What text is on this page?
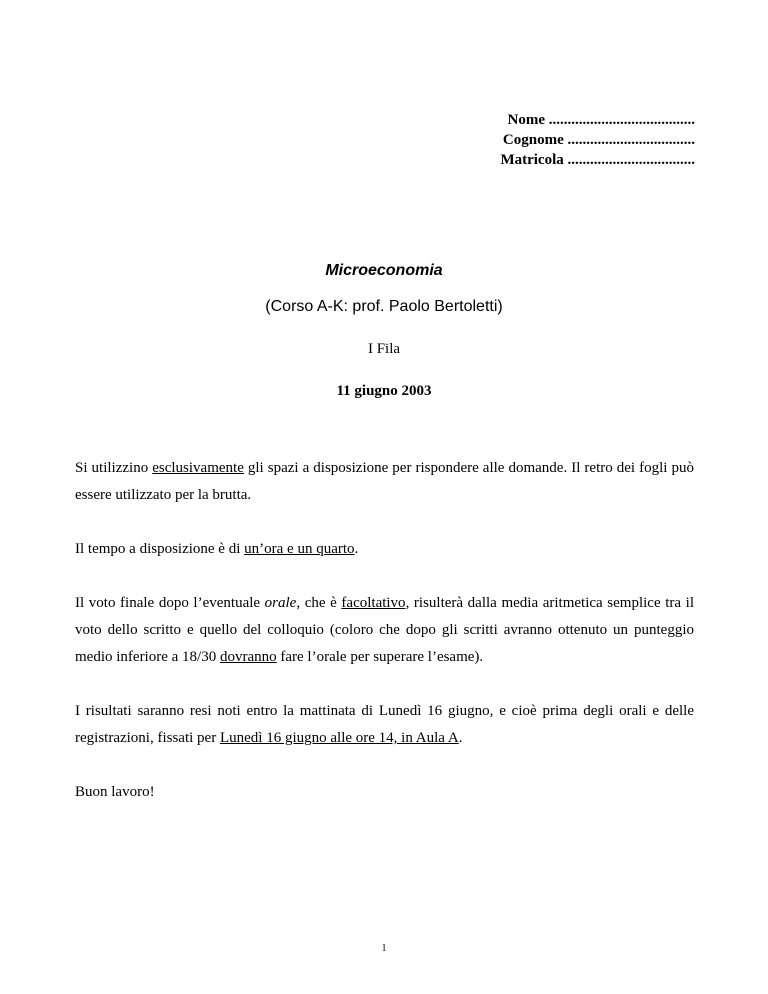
Nome .......................................
Cognome ..................................
Matricola ..................................
Microeconomia
(Corso A-K: prof. Paolo Bertoletti)
I Fila
11 giugno 2003

Si utilizzino esclusivamente gli spazi a disposizione per rispondere alle domande. Il retro dei fogli può essere utilizzato per la brutta.

Il tempo a disposizione è di un’ora e un quarto.

Il voto finale dopo l’eventuale orale, che è facoltativo, risulterà dalla media aritmetica semplice tra il voto dello scritto e quello del colloquio (coloro che dopo gli scritti avranno ottenuto un punteggio medio inferiore a 18/30 dovranno fare l’orale per superare l’esame).

I risultati saranno resi noti entro la mattinata di Lunedì 16 giugno, e cioè prima degli orali e delle registrazioni, fissati per Lunedì 16 giugno alle ore 14, in Aula A.

Buon lavoro!

1
